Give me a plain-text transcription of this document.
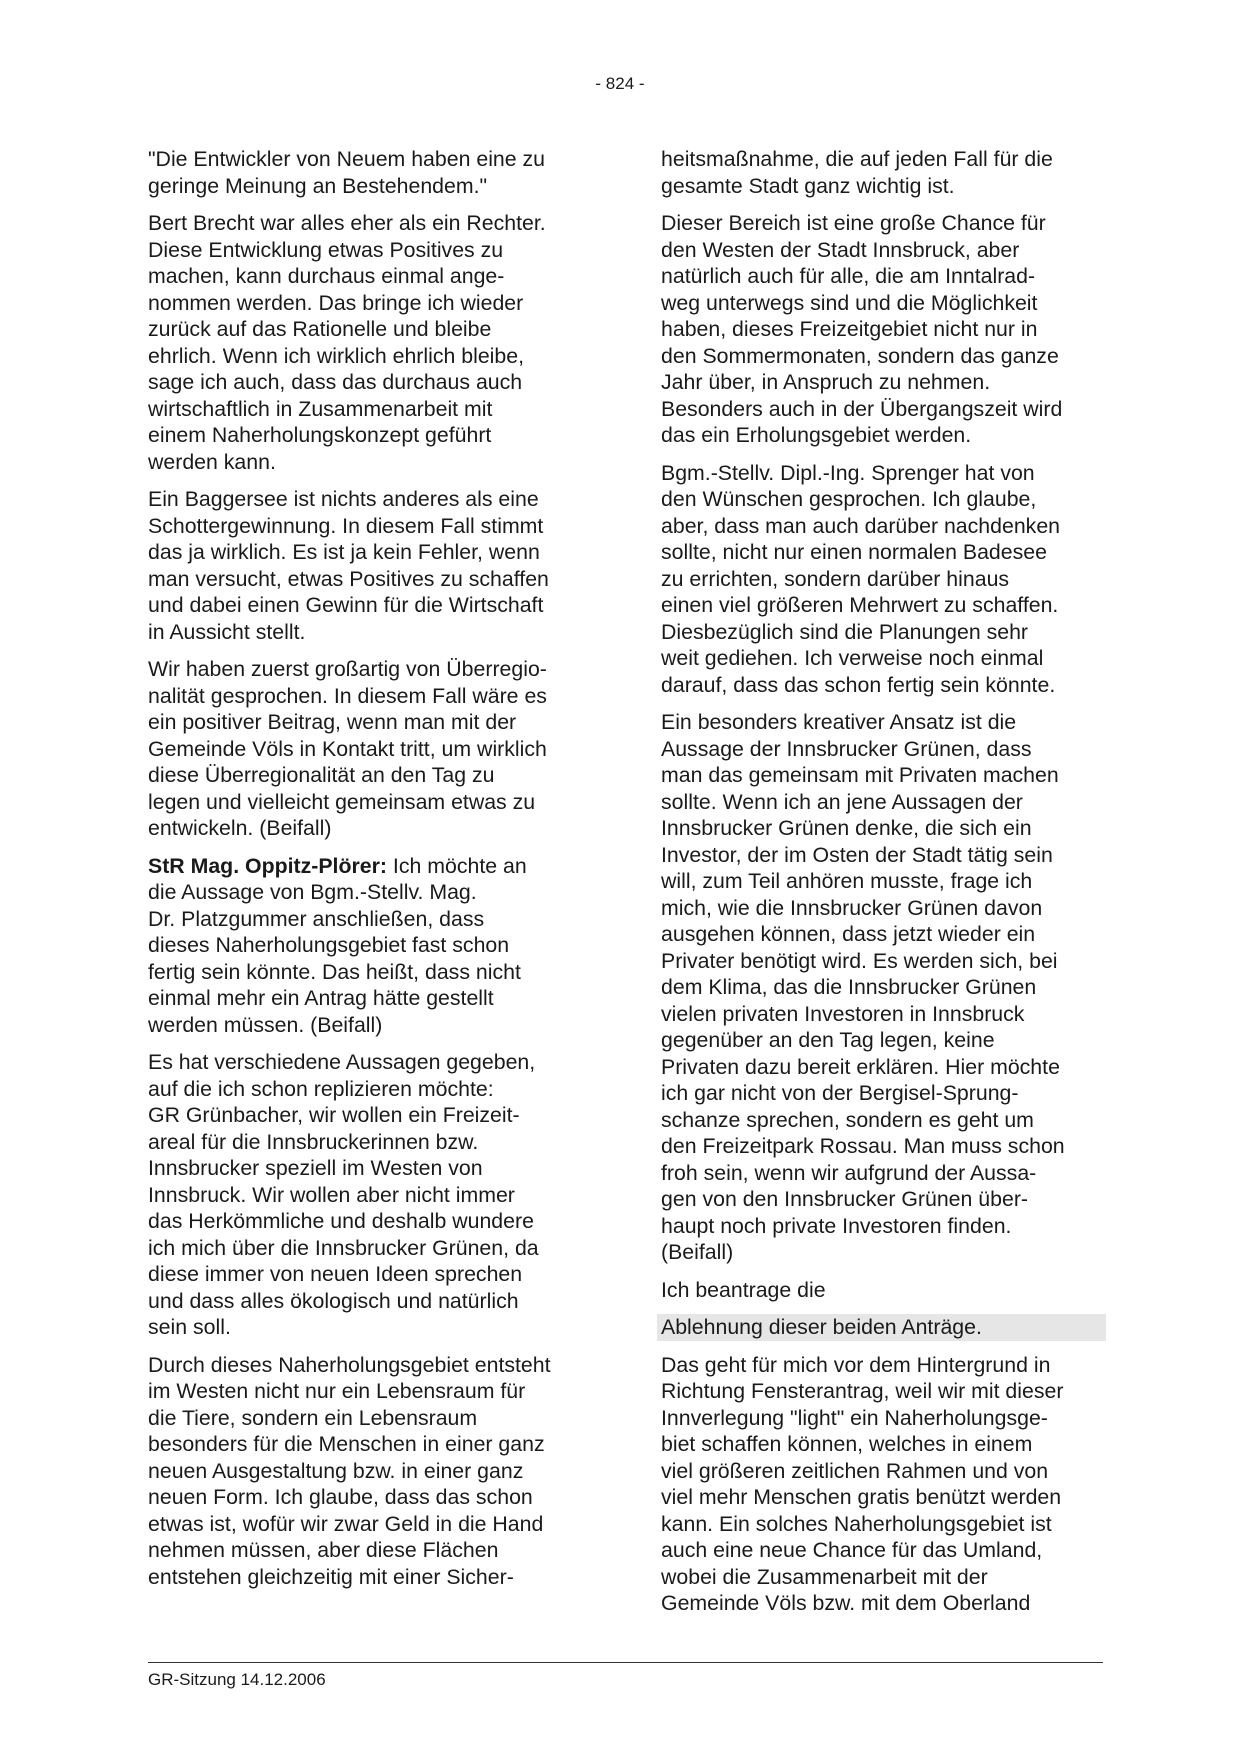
- 824 -
"Die Entwickler von Neuem haben eine zu
geringe Meinung an Bestehendem."
Bert Brecht war alles eher als ein Rechter.
Diese Entwicklung etwas Positives zu
machen, kann durchaus einmal ange-
nommen werden. Das bringe ich wieder
zurück auf das Rationelle und bleibe
ehrlich. Wenn ich wirklich ehrlich bleibe,
sage ich auch, dass das durchaus auch
wirtschaftlich in Zusammenarbeit mit
einem Naherholungskonzept geführt
werden kann.
Ein Baggersee ist nichts anderes als eine
Schottergewinnung. In diesem Fall stimmt
das ja wirklich. Es ist ja kein Fehler, wenn
man versucht, etwas Positives zu schaffen
und dabei einen Gewinn für die Wirtschaft
in Aussicht stellt.
Wir haben zuerst großartig von Überregio-
nalität gesprochen. In diesem Fall wäre es
ein positiver Beitrag, wenn man mit der
Gemeinde Völs in Kontakt tritt, um wirklich
diese Überregionalität an den Tag zu
legen und vielleicht gemeinsam etwas zu
entwickeln. (Beifall)
StR Mag. Oppitz-Plörer: Ich möchte an
die Aussage von Bgm.-Stellv. Mag.
Dr. Platzgummer anschließen, dass
dieses Naherholungsgebiet fast schon
fertig sein könnte. Das heißt, dass nicht
einmal mehr ein Antrag hätte gestellt
werden müssen. (Beifall)
Es hat verschiedene Aussagen gegeben,
auf die ich schon replizieren möchte:
GR Grünbacher, wir wollen ein Freizeit-
areal für die Innsbruckerinnen bzw.
Innsbrucker speziell im Westen von
Innsbruck. Wir wollen aber nicht immer
das Herkömmliche und deshalb wundere
ich mich über die Innsbrucker Grünen, da
diese immer von neuen Ideen sprechen
und dass alles ökologisch und natürlich
sein soll.
Durch dieses Naherholungsgebiet entsteht
im Westen nicht nur ein Lebensraum für
die Tiere, sondern ein Lebensraum
besonders für die Menschen in einer ganz
neuen Ausgestaltung bzw. in einer ganz
neuen Form. Ich glaube, dass das schon
etwas ist, wofür wir zwar Geld in die Hand
nehmen müssen, aber diese Flächen
entstehen gleichzeitig mit einer Sicher-
heitsmaßnahme, die auf jeden Fall für die
gesamte Stadt ganz wichtig ist.
Dieser Bereich ist eine große Chance für
den Westen der Stadt Innsbruck, aber
natürlich auch für alle, die am Inntalrad-
weg unterwegs sind und die Möglichkeit
haben, dieses Freizeitgebiet nicht nur in
den Sommermonaten, sondern das ganze
Jahr über, in Anspruch zu nehmen.
Besonders auch in der Übergangszeit wird
das ein Erholungsgebiet werden.
Bgm.-Stellv. Dipl.-Ing. Sprenger hat von
den Wünschen gesprochen. Ich glaube,
aber, dass man auch darüber nachdenken
sollte, nicht nur einen normalen Badesee
zu errichten, sondern darüber hinaus
einen viel größeren Mehrwert zu schaffen.
Diesbezüglich sind die Planungen sehr
weit gediehen. Ich verweise noch einmal
darauf, dass das schon fertig sein könnte.
Ein besonders kreativer Ansatz ist die
Aussage der Innsbrucker Grünen, dass
man das gemeinsam mit Privaten machen
sollte. Wenn ich an jene Aussagen der
Innsbrucker Grünen denke, die sich ein
Investor, der im Osten der Stadt tätig sein
will, zum Teil anhören musste, frage ich
mich, wie die Innsbrucker Grünen davon
ausgehen können, dass jetzt wieder ein
Privater benötigt wird. Es werden sich, bei
dem Klima, das die Innsbrucker Grünen
vielen privaten Investoren in Innsbruck
gegenüber an den Tag legen, keine
Privaten dazu bereit erklären. Hier möchte
ich gar nicht von der Bergisel-Sprung-
schanze sprechen, sondern es geht um
den Freizeitpark Rossau. Man muss schon
froh sein, wenn wir aufgrund der Aussa-
gen von den Innsbrucker Grünen über-
haupt noch private Investoren finden.
(Beifall)
Ich beantrage die
Ablehnung dieser beiden Anträge.
Das geht für mich vor dem Hintergrund in
Richtung Fensterantrag, weil wir mit dieser
Innverlegung "light" ein Naherholungsge-
biet schaffen können, welches in einem
viel größeren zeitlichen Rahmen und von
viel mehr Menschen gratis benützt werden
kann. Ein solches Naherholungsgebiet ist
auch eine neue Chance für das Umland,
wobei die Zusammenarbeit mit der
Gemeinde Völs bzw. mit dem Oberland
GR-Sitzung 14.12.2006
